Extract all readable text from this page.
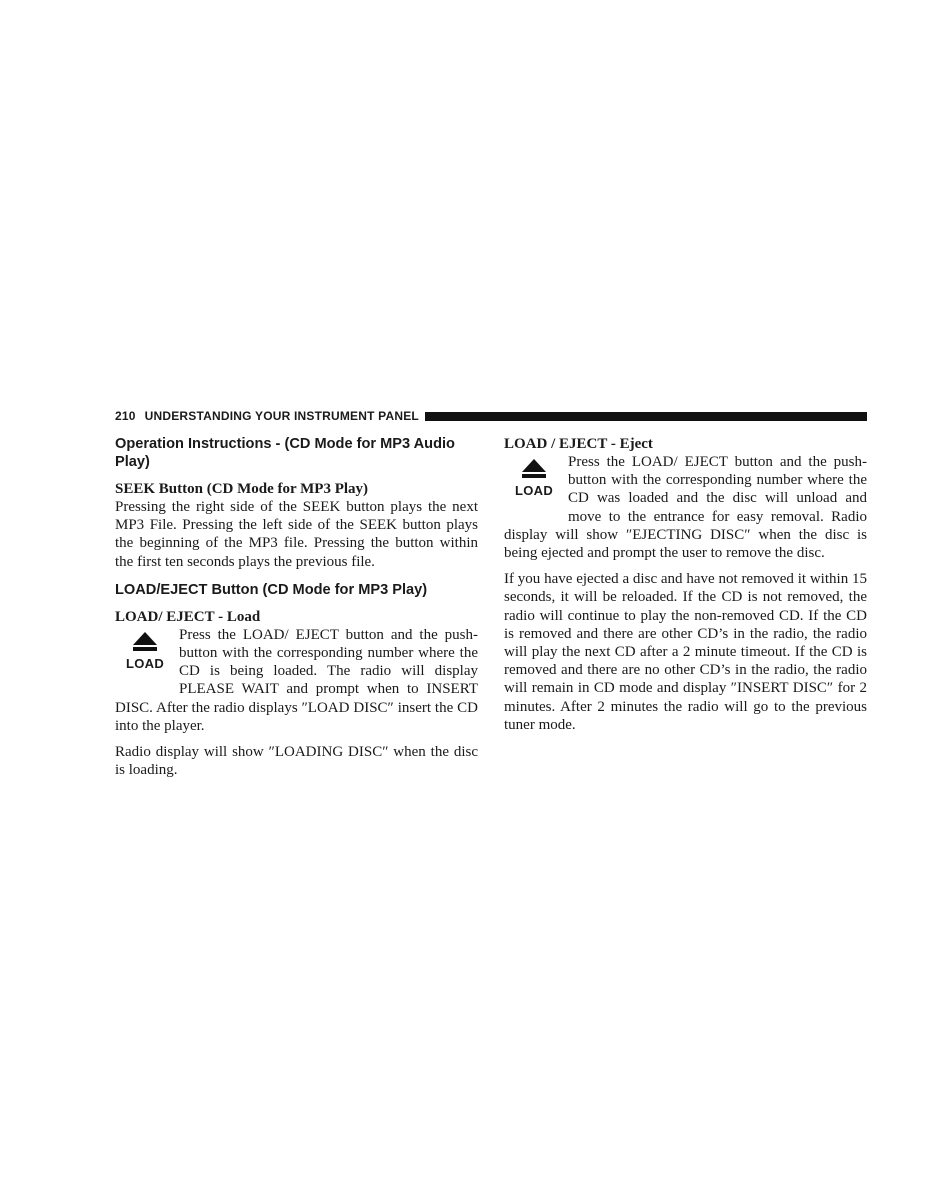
210 UNDERSTANDING YOUR INSTRUMENT PANEL
Operation Instructions - (CD Mode for MP3 Audio Play)
SEEK Button (CD Mode for MP3 Play)

Pressing the right side of the SEEK button plays the next MP3 File. Pressing the left side of the SEEK button plays the beginning of the MP3 file. Pressing the button within the first ten seconds plays the previous file.

LOAD/EJECT Button (CD Mode for MP3 Play)
LOAD/ EJECT - Load
LOAD

Press the LOAD/ EJECT button and the push-button with the corresponding number where the CD is being loaded. The radio will display PLEASE WAIT and prompt when to INSERT DISC. After the radio displays ″LOAD DISC″ insert the CD into the player.

Radio display will show ″LOADING DISC″ when the disc is loading.

LOAD / EJECT - Eject
LOAD

Press the LOAD/ EJECT button and the push-button with the corresponding number where the CD was loaded and the disc will unload and move to the entrance for easy removal. Radio display will show ″EJECTING DISC″ when the disc is being ejected and prompt the user to remove the disc.

If you have ejected a disc and have not removed it within 15 seconds, it will be reloaded. If the CD is not removed, the radio will continue to play the non-removed CD. If the CD is removed and there are other CD’s in the radio, the radio will play the next CD after a 2 minute timeout. If the CD is removed and there are no other CD’s in the radio, the radio will remain in CD mode and display ″INSERT DISC″ for 2 minutes. After 2 minutes the radio will go to the previous tuner mode.
